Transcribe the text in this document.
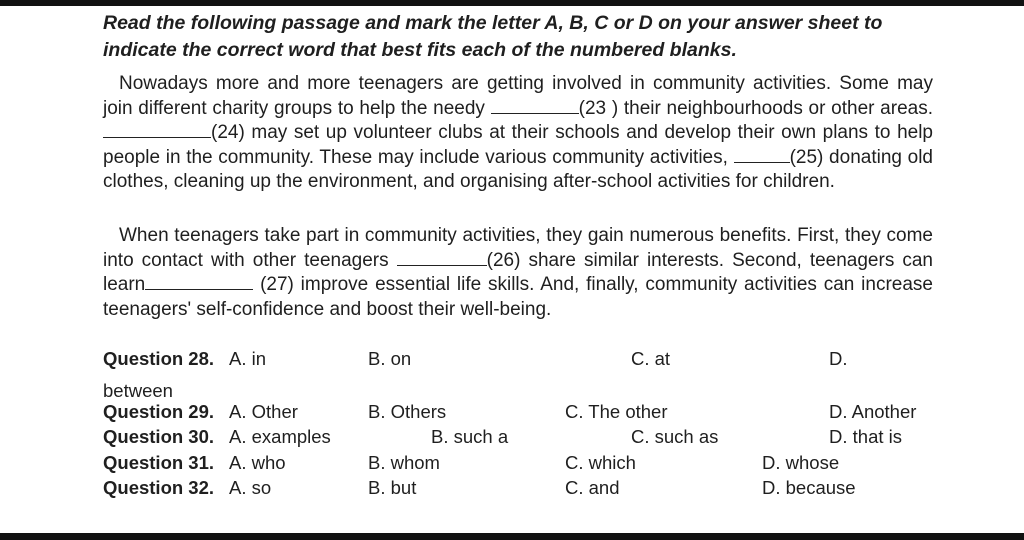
Read the following passage and mark the letter A, B, C or D on your answer sheet to
indicate the correct word that best fits each of the numbered blanks.
Nowadays more and more teenagers are getting involved in community activities. Some may join different charity groups to help the needy	(23 ) their neighbourhoods or other areas. (24) may set up volunteer clubs at their schools and develop their own plans to help people in the community. These may include various community activities,	(25) donating old clothes, cleaning up the environment, and organising after-school activities for children.
When teenagers take part in community activities, they gain numerous benefits. First, they come into contact with other teenagers	(26) share similar interests. Second, teenagers can learn	(27) improve essential life skills. And, finally, community activities can increase teenagers' self-confidence and boost their well-being.
Question 28. A. in	B. on	C. at	D.
between
Question 29. A. Other	B. Others	C. The other	D. Another
Question 30. A. examples	B. such a	C. such as	D. that is
Question 31. A. who	B. whom	C. which	D. whose
Question 32. A. so	B. but	C. and	D. because
